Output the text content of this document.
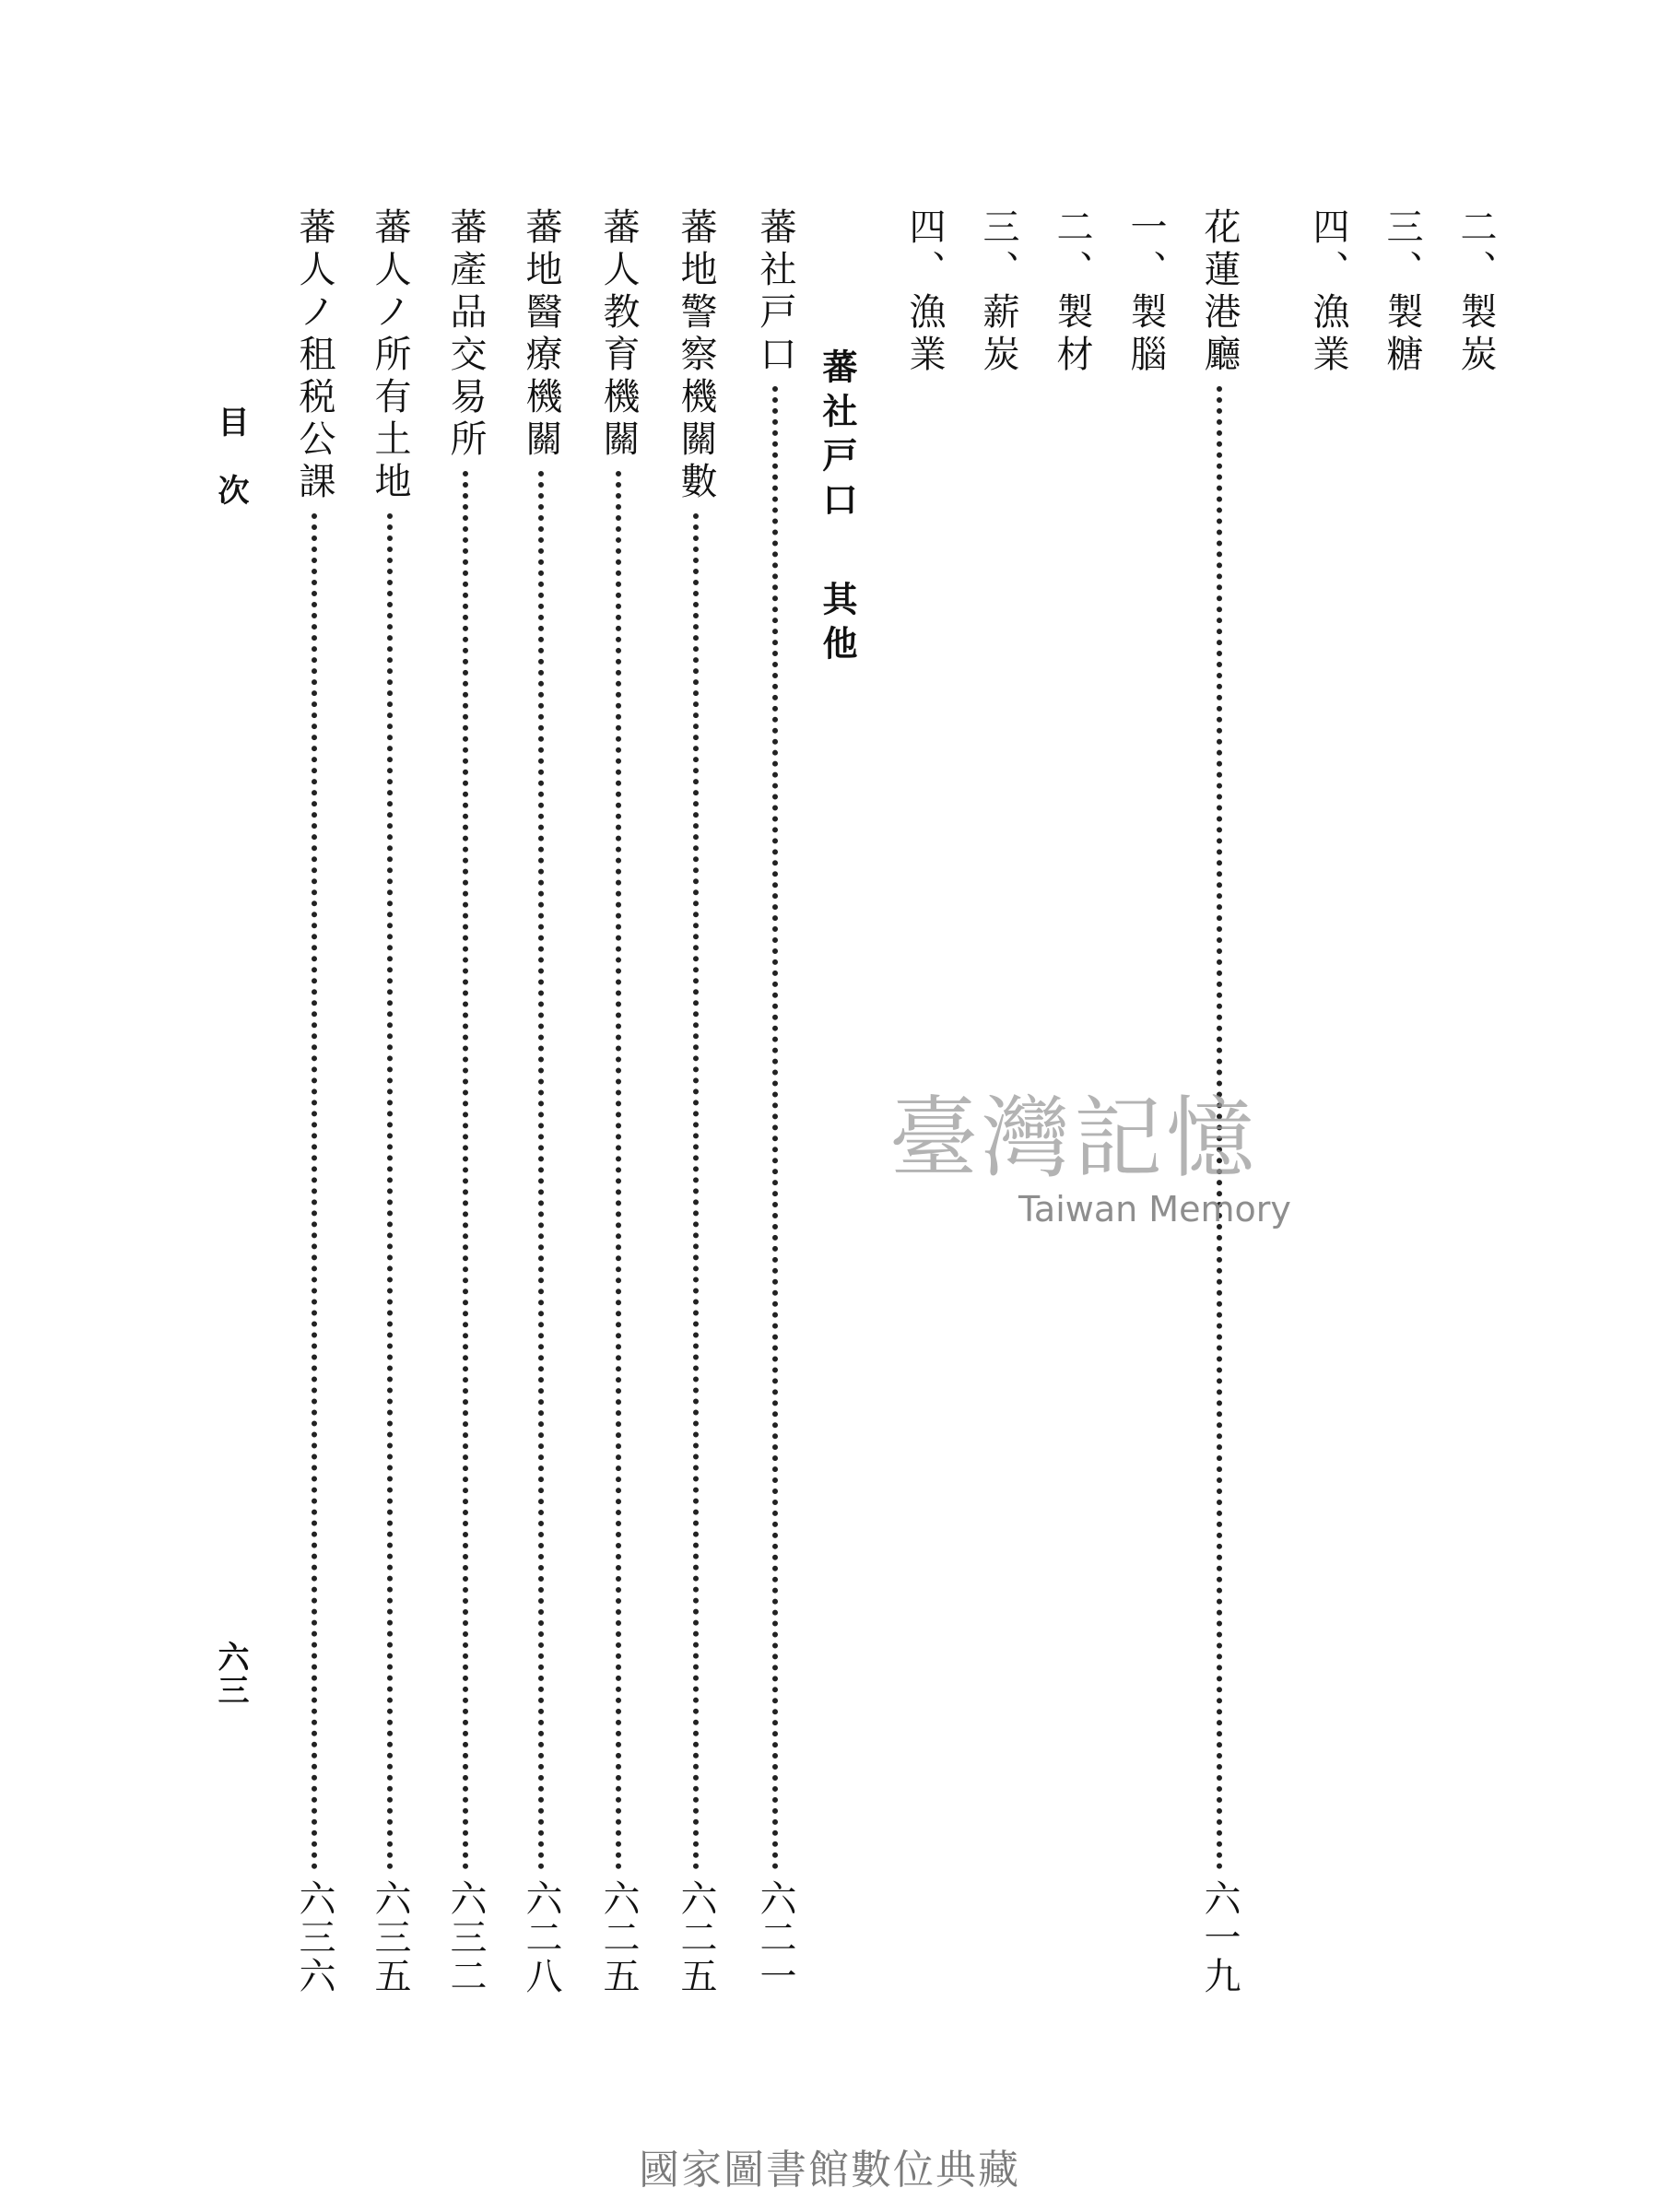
二、製炭
三、製糖
四、漁業
花蓮港廳
六一九
一、製腦
二、製材
三、薪炭
四、漁業
蕃社戸口其他
蕃社戸口
六二一
蕃地警察機關數
六二五
蕃人教育機關
六二五
蕃地醫療機關
六二八
蕃產品交易所
六三二
蕃人ノ所有土地
六三五
蕃人ノ租税公課
六三六
目次
六三
臺灣記憶
Taiwan Memory
國家圖書館數位典藏
